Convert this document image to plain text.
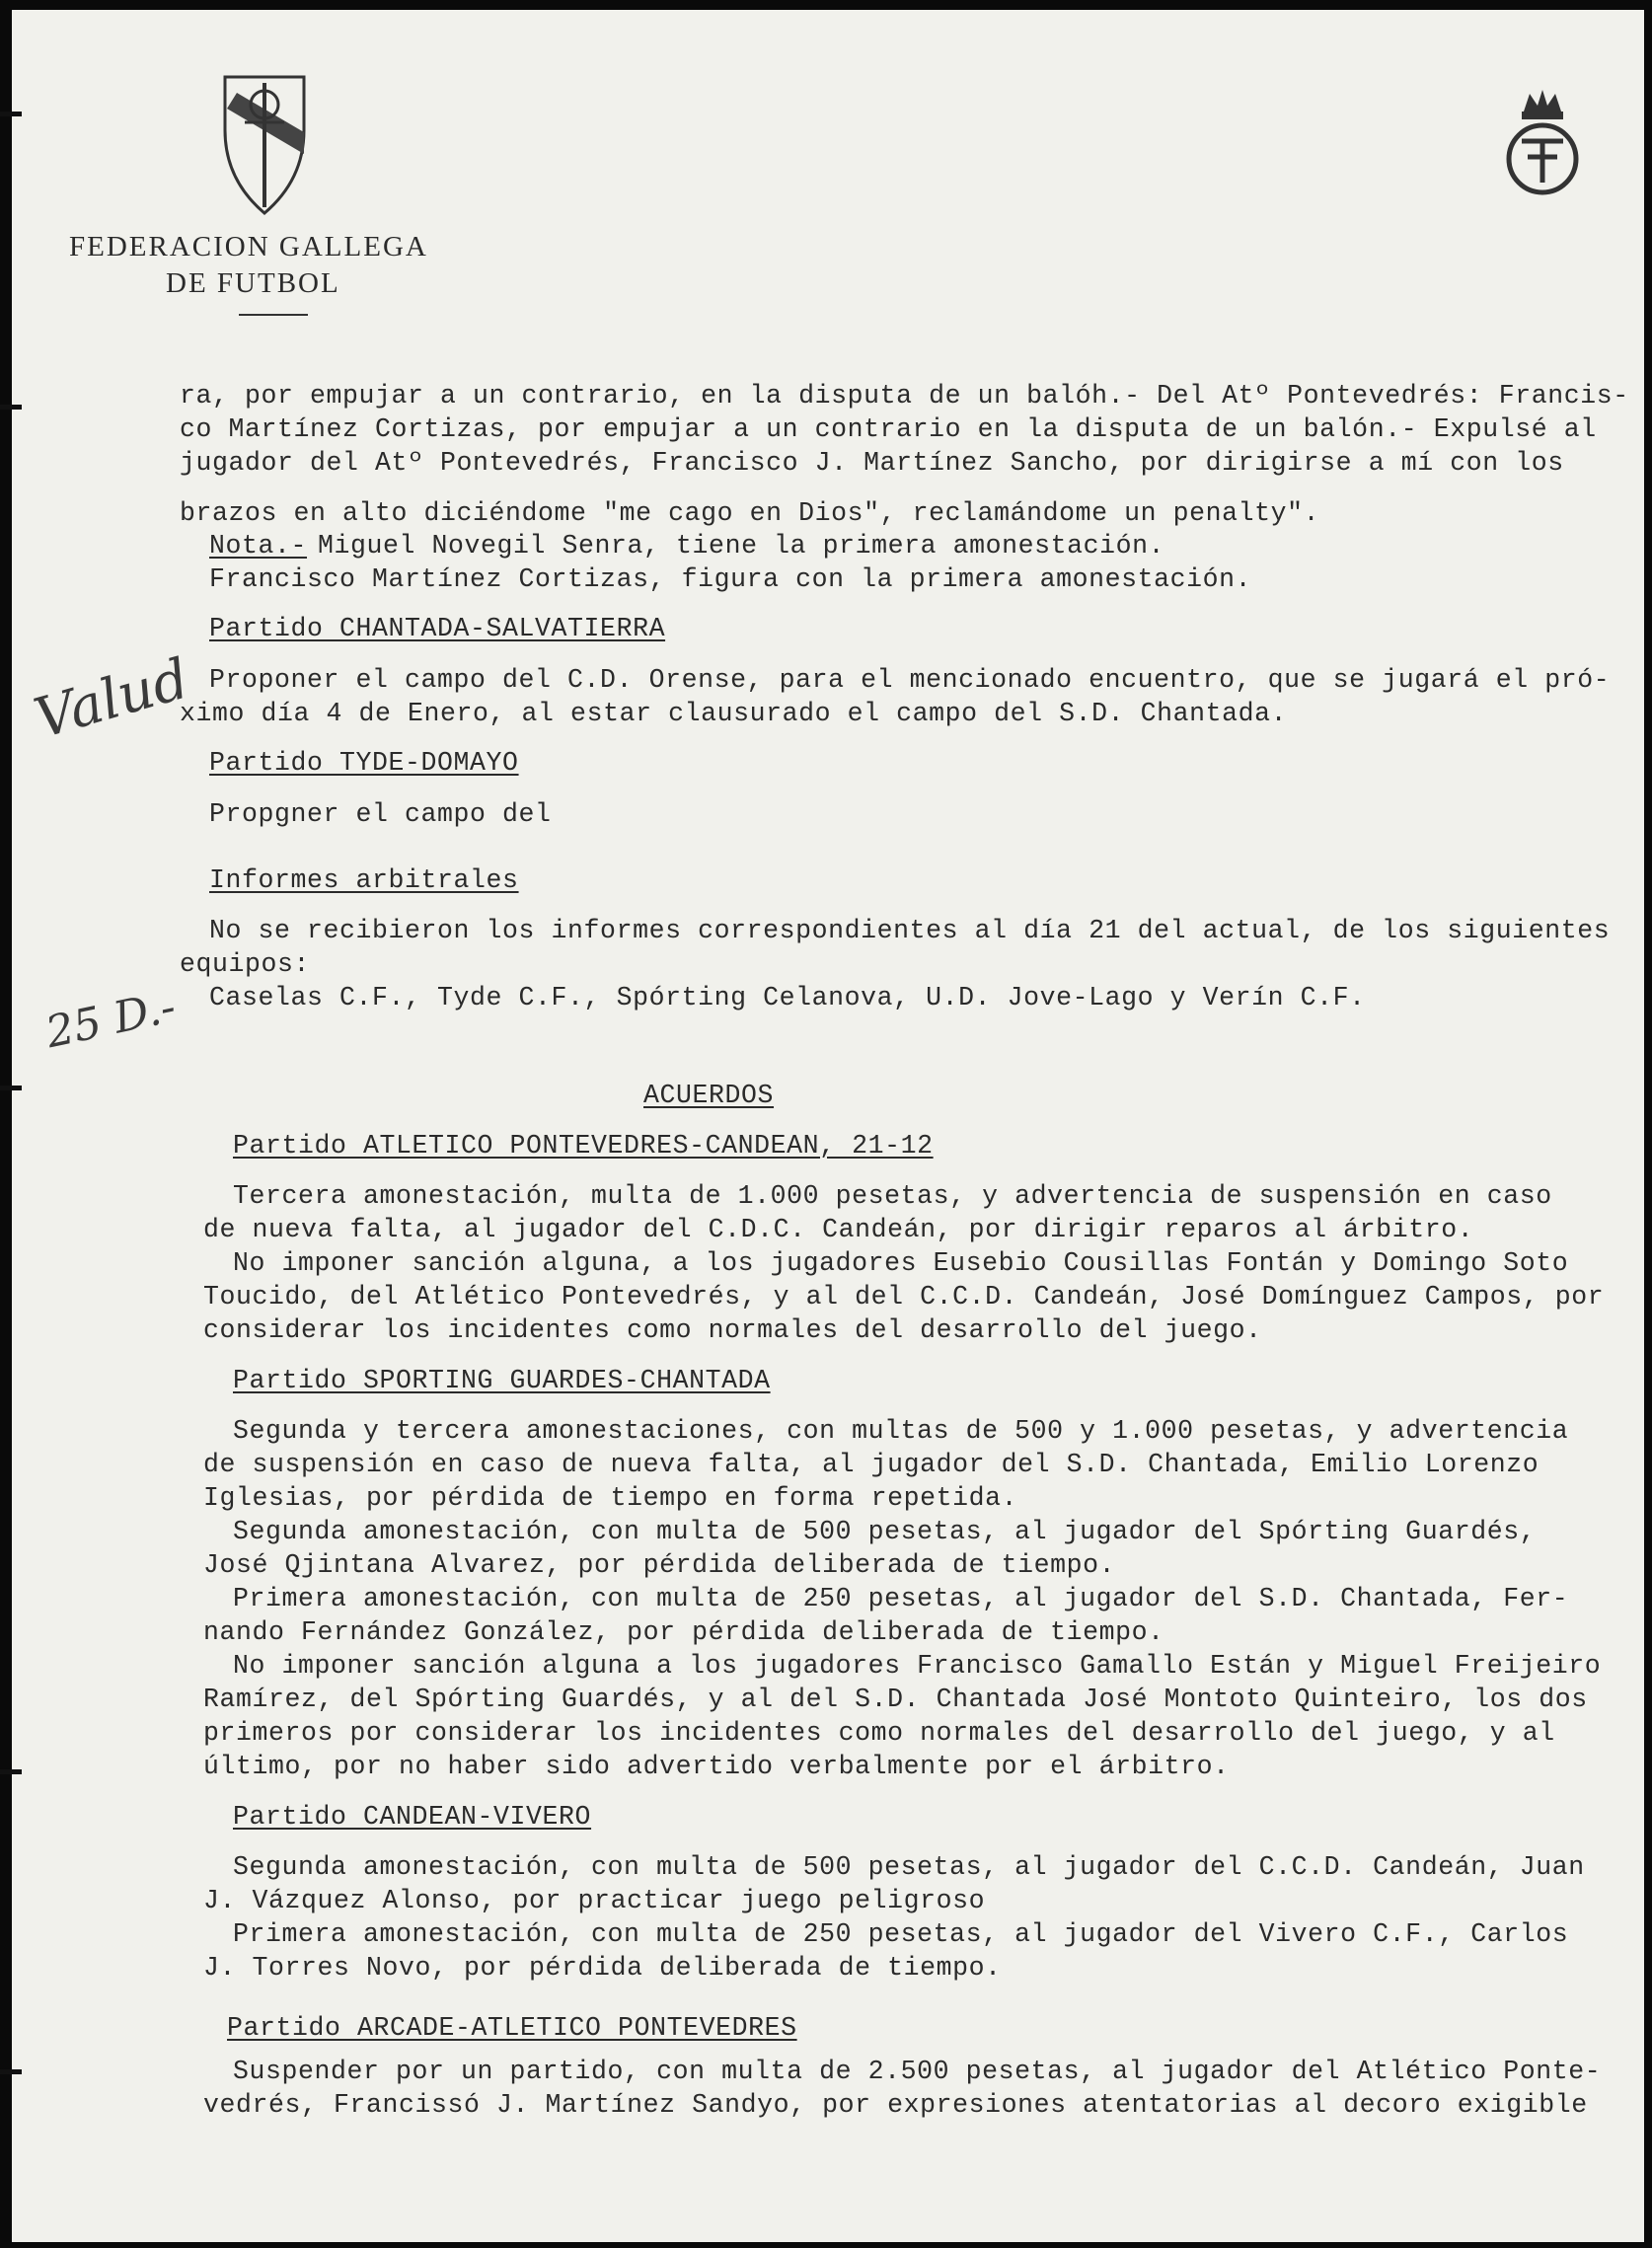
FEDERACION GALLEGA
DE FUTBOL
ra, por empujar a un contrario, en la disputa de un balóh.- Del Atº Pontevedrés: Francis-
co Martínez Cortizas, por empujar a un contrario en la disputa de un balón.- Expulsé al
jugador del Atº Pontevedrés, Francisco J. Martínez Sancho, por dirigirse a mí con los
brazos en alto diciéndome "me cago en Dios", reclamándome un penalty".
Nota.- Miguel Novegil Senra, tiene la primera amonestación.
Francisco Martínez Cortizas, figura con la primera amonestación.
Partido CHANTADA-SALVATIERRA
Proponer el campo del C.D. Orense, para el mencionado encuentro, que se jugará el pró-
ximo día 4 de Enero, al estar clausurado el campo del S.D. Chantada.
Partido TYDE-DOMAYO
Propgner el campo del
Informes arbitrales
No se recibieron los informes correspondientes al día 21 del actual, de los siguientes
equipos:
Caselas C.F., Tyde C.F., Spórting Celanova, U.D. Jove-Lago y Verín C.F.
ACUERDOS
Partido ATLETICO PONTEVEDRES-CANDEAN, 21-12
Tercera amonestación, multa de 1.000 pesetas, y advertencia de suspensión en caso
de nueva falta, al jugador del C.D.C. Candeán, por dirigir reparos al árbitro.
No imponer sanción alguna, a los jugadores Eusebio Cousillas Fontán y Domingo Soto
Toucido, del Atlético Pontevedrés, y al del C.C.D. Candeán, José Domínguez Campos, por
considerar los incidentes como normales del desarrollo del juego.
Partido SPORTING GUARDES-CHANTADA
Segunda y tercera amonestaciones, con multas de 500 y 1.000 pesetas, y advertencia
de suspensión en caso de nueva falta, al jugador del S.D. Chantada, Emilio Lorenzo
Iglesias, por pérdida de tiempo en forma repetida.
Segunda amonestación, con multa de 500 pesetas, al jugador del Spórting Guardés,
José Qjintana Alvarez, por pérdida deliberada de tiempo.
Primera amonestación, con multa de 250 pesetas, al jugador del S.D. Chantada, Fer-
nando Fernández González, por pérdida deliberada de tiempo.
No imponer sanción alguna a los jugadores Francisco Gamallo Están y Miguel Freijeiro
Ramírez, del Spórting Guardés, y al del S.D. Chantada José Montoto Quinteiro, los dos
primeros por considerar los incidentes como normales del desarrollo del juego, y al
último, por no haber sido advertido verbalmente por el árbitro.
Partido CANDEAN-VIVERO
Segunda amonestación, con multa de 500 pesetas, al jugador del C.C.D. Candeán, Juan
J. Vázquez Alonso, por practicar juego peligroso
Primera amonestación, con multa de 250 pesetas, al jugador del Vivero C.F., Carlos
J. Torres Novo, por pérdida deliberada de tiempo.
Partido ARCADE-ATLETICO PONTEVEDRES
Suspender por un partido, con multa de 2.500 pesetas, al jugador del Atlético Ponte-
vedrés, Francissó J. Martínez Sandyo, por expresiones atentatorias al decoro exigible
Valud
25 D.-
